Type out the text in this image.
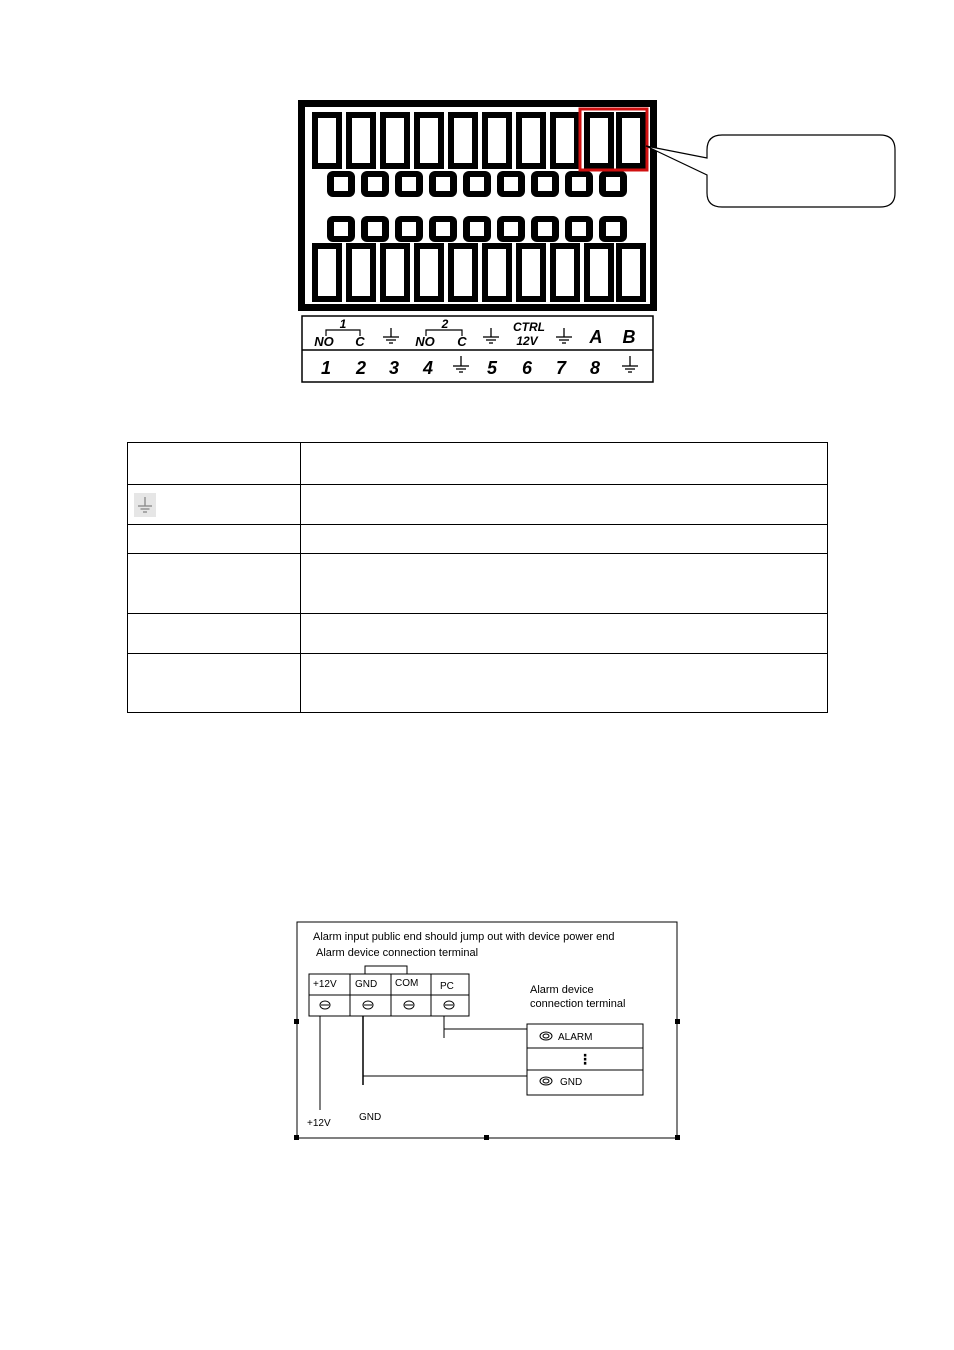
1
NO C
2
NO C
CTRL
12V	A B
1 2 3 4	5 6 7 8

Alarm input public end should jump out with device power end
Alarm device connection terminal
+12V GND COM PC
+12V
GND
Alarm device
connection terminal
ALARM
⋮
GND
